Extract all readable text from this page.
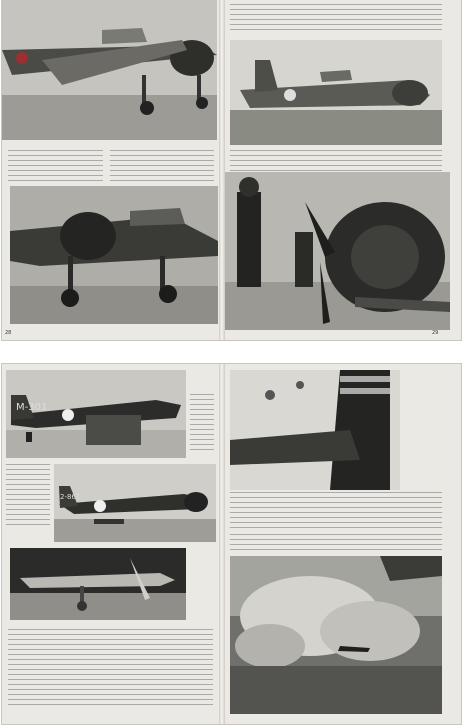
28	29
M-301
2-86?
